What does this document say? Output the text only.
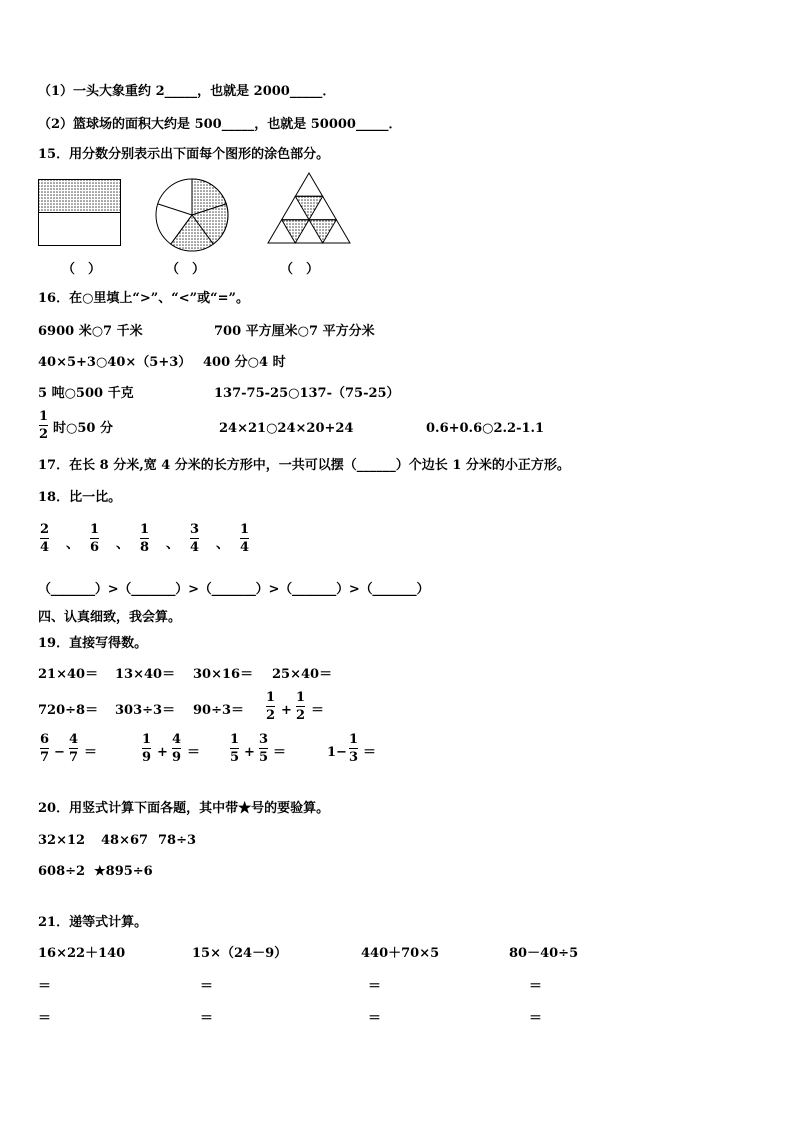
（1）一头大象重约 2_____，也就是 2000_____．
（2）篮球场的面积大约是 500_____，也就是 50000_____．
15．用分数分别表示出下面每个图形的涂色部分。
（　）	（　）	（　）
16．在○里填上“>”、“<”或“=”。
6900 米○7 千米	700 平方厘米○7 平方分米
40×5+3○40×（5+3） 400 分○4 时
5 吨○500 千克	137-75-25○137-（75-25）
1
2 时○50 分	24×21○24×20+24	0.6+0.6○2.2-1.1
17．在长 8 分米,宽 4 分米的长方形中，一共可以摆（______）个边长 1 分米的小正方形。
18．比一比。
2
4 、
1
6 、
1
8 、
3
4 、
1
4
（_______）>（_______）>（_______）>（_______）>（_______）
四、认真细致，我会算。
19．直接写得数。
21×40＝ 13×40＝ 30×16＝ 25×40＝
720÷8＝ 303÷3＝ 90÷3＝
1
2 +
1
2 ＝
6
7 −
4
7 ＝
1
9 +
4
9 ＝
1
5 +
3
5 ＝	1−
1
3 ＝
20．用竖式计算下面各题，其中带★号的要验算。
32×12 48×67 78÷3
608÷2 ★895÷6
21．递等式计算。
16×22＋140	15×（24－9）	440＋70×5	80－40÷5
＝	＝	＝	＝
＝	＝	＝	＝
